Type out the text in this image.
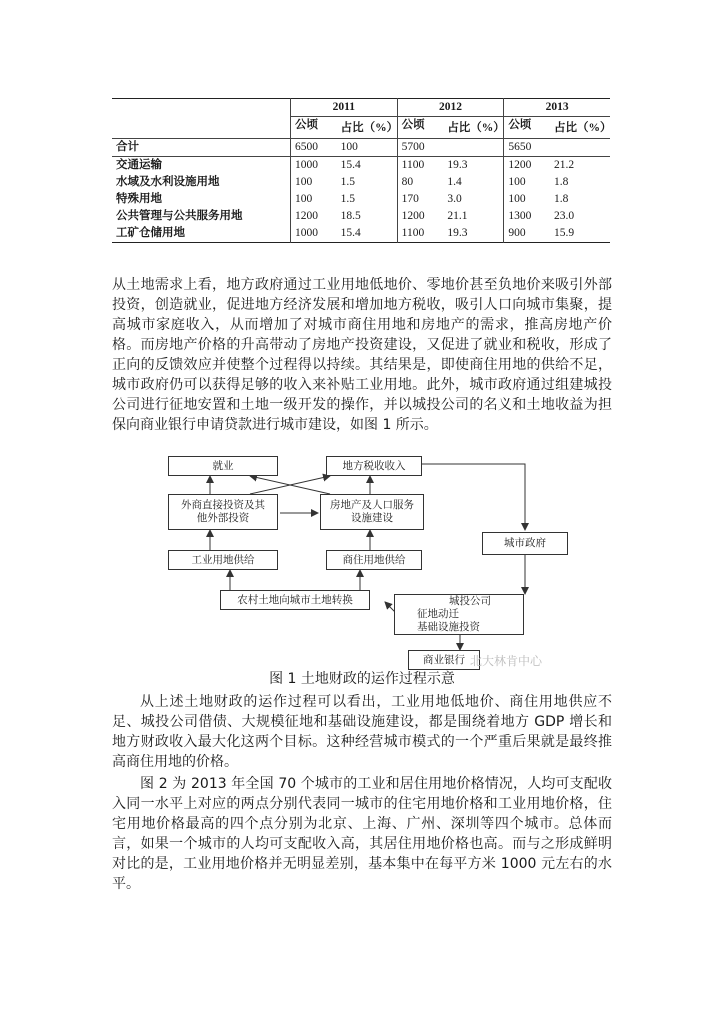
	2011		2012		2013	
	公顷	占比（%）	公顷	占比（%）	公顷	占比（%）
合计	6500	100	5700		5650	
交通运输	1000	15.4	1100	19.3	1200	21.2
水域及水利设施用地	100	1.5	80	1.4	100	1.8
特殊用地	100	1.5	170	3.0	100	1.8
公共管理与公共服务用地	1200	18.5	1200	21.1	1300	23.0
工矿仓储用地	1000	15.4	1100	19.3	900	15.9

从土地需求上看，地方政府通过工业用地低地价、零地价甚至负地价来吸引外部投资，创造就业，促进地方经济发展和增加地方税收，吸引人口向城市集聚，提高城市家庭收入，从而增加了对城市商住用地和房地产的需求，推高房地产价格。而房地产价格的升高带动了房地产投资建设，又促进了就业和税收，形成了正向的反馈效应并使整个过程得以持续。其结果是，即使商住用地的供给不足，城市政府仍可以获得足够的收入来补贴工业用地。此外，城市政府通过组建城投公司进行征地安置和土地一级开发的操作，并以城投公司的名义和土地收益为担保向商业银行申请贷款进行城市建设，如图 1 所示。

就业	地方税收收入
外商直接投资及其他外部投资
房地产及人口服务设施建设
工业用地供给	商住用地供给
城市政府
农村土地向城市土地转换	城投公司
征地动迁
基础设施投资
商业银行 北大林肯中心
图 1 土地财政的运作过程示意

从上述土地财政的运作过程可以看出，工业用地低地价、商住用地供应不足、城投公司借债、大规模征地和基础设施建设，都是围绕着地方 GDP 增长和地方财政收入最大化这两个目标。这种经营城市模式的一个严重后果就是最终推高商住用地的价格。

图 2 为 2013 年全国 70 个城市的工业和居住用地价格情况，人均可支配收入同一水平上对应的两点分别代表同一城市的住宅用地价格和工业用地价格，住宅用地价格最高的四个点分别为北京、上海、广州、深圳等四个城市。总体而言，如果一个城市的人均可支配收入高，其居住用地价格也高。而与之形成鲜明对比的是，工业用地价格并无明显差别，基本集中在每平方米 1000 元左右的水平。
